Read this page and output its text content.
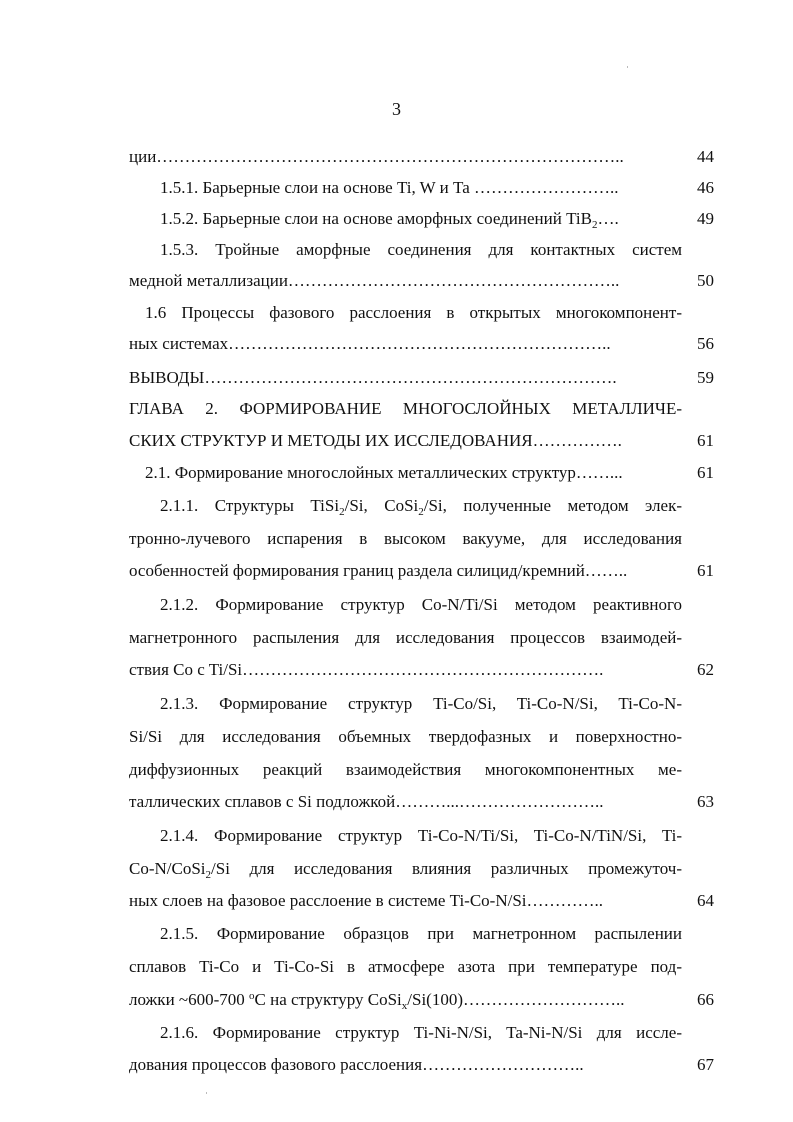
3
ции………………………………………………………………………..	44
1.5.1. Барьерные слои на основе Ti, W и Ta ……………………..	46
1.5.2. Барьерные слои на основе аморфных соединений TiB$_2$….	49
1.5.3. Тройные аморфные соединения для контактных систем
медной металлизации…………………………………………………..	50
1.6 Процессы фазового расслоения в открытых многокомпонент-
ных системах…………………………………………………………..	56
ВЫВОДЫ……………………………………………………………….	59
ГЛАВА 2. ФОРМИРОВАНИЕ МНОГОСЛОЙНЫХ МЕТАЛЛИЧЕ-
СКИХ СТРУКТУР И МЕТОДЫ ИХ ИССЛЕДОВАНИЯ…………….	61
2.1. Формирование многослойных металлических структур……...	61
2.1.1. Структуры TiSi$_2$/Si, CoSi$_2$/Si, полученные методом элек-
тронно-лучевого испарения в высоком вакууме, для исследования
особенностей формирования границ раздела силицид/кремний……..	61
2.1.2. Формирование структур Co-N/Ti/Si методом реактивного
магнетронного распыления для исследования процессов взаимодей-
ствия Co c Ti/Si……………………………………………………….	62
2.1.3. Формирование структур Ti-Co/Si, Ti-Co-N/Si, Ti-Co-N-
Si/Si для исследования объемных твердофазных и поверхностно-
диффузионных реакций взаимодействия многокомпонентных ме-
таллических сплавов с Si подложкой………...……………………..	63
2.1.4. Формирование структур Ti-Co-N/Ti/Si, Ti-Co-N/TiN/Si, Ti-
Co-N/CoSi$_2$/Si для исследования влияния различных промежуточ-
ных слоев на фазовое расслоение в системе Ti-Co-N/Si…………..	64
2.1.5. Формирование образцов при магнетронном распылении
сплавов Ti-Co и Ti-Co-Si в атмосфере азота при температуре под-
ложки ~600-700 $^o$C на структуру CoSi$_x$/Si(100)………………………..	66
2.1.6. Формирование структур Ti-Ni-N/Si, Ta-Ni-N/Si для иссле-
дования процессов фазового расслоения………………………..	67
